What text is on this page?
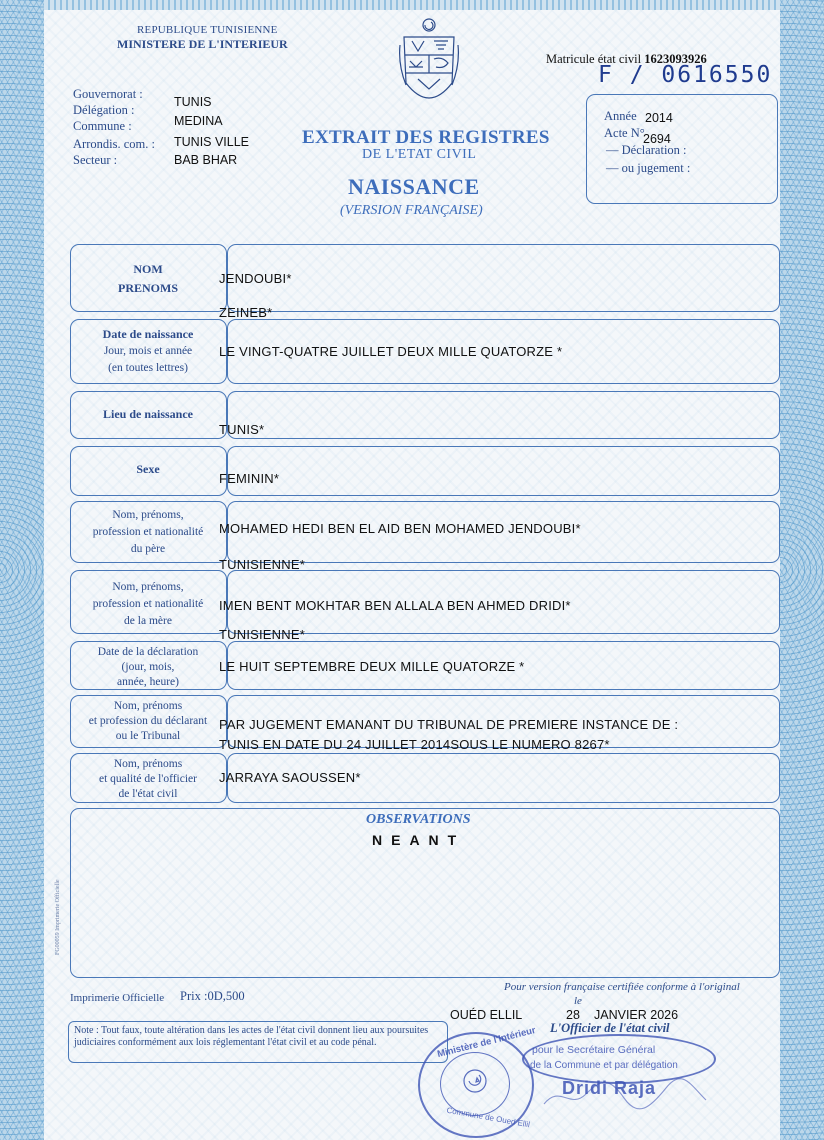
REPUBLIQUE TUNISIENNE
MINISTERE DE L'INTERIEUR
Gouvernorat :
TUNIS
Délégation :
MEDINA
Commune :
TUNIS VILLE
Arrondis. com. :
Secteur :	BAB BHAR
EXTRAIT DES REGISTRES
DE L'ETAT CIVIL
NAISSANCE
(VERSION FRANÇAISE)
Matricule état civil 1623093926
F / 0616550
Année 2014
Acte N°
2694
— Déclaration :
— ou jugement :
NOM
PRENOMS
Date de naissance
Jour, mois et année
(en toutes lettres)
Lieu de naissance
Sexe
Nom, prénoms,
profession et nationalité
du père
Nom, prénoms,
profession et nationalité
de la mère
Date de la déclaration
(jour, mois,
année, heure)
Nom, prénoms
et profession du déclarant
ou le Tribunal
Nom, prénoms
et qualité de l'officier
de l'état civil
JENDOUBI*
ZEINEB*
LE VINGT-QUATRE JUILLET DEUX MILLE QUATORZE *
TUNIS*
FEMININ*
MOHAMED HEDI BEN EL AID BEN MOHAMED JENDOUBI*
TUNISIENNE*
IMEN BENT MOKHTAR BEN ALLALA BEN AHMED DRIDI*
TUNISIENNE*
LE HUIT SEPTEMBRE DEUX MILLE QUATORZE *
PAR JUGEMENT EMANANT DU TRIBUNAL DE PREMIERE INSTANCE DE :
TUNIS EN DATE DU 24 JUILLET 2014SOUS LE NUMERO 8267*
JARRAYA SAOUSSEN*
OBSERVATIONS
NEANT
FG00059 Imprimerie Officielle
Imprimerie Officielle Prix :0D,500
Note : Tout faux, toute altération dans les actes de l'état civil donnent lieu aux poursuites judiciaires conformément aux lois réglementant l'état civil et au code pénal.
Pour version française certifiée conforme à l'original
le
OUÉD ELLIL	28 JANVIER 2026
L'Officier de l'état civil
Ministère de l'Intérieur
Commune de Oued Ellil
pour le Secrétaire Général
de la Commune et par délégation
Dridi Raja
